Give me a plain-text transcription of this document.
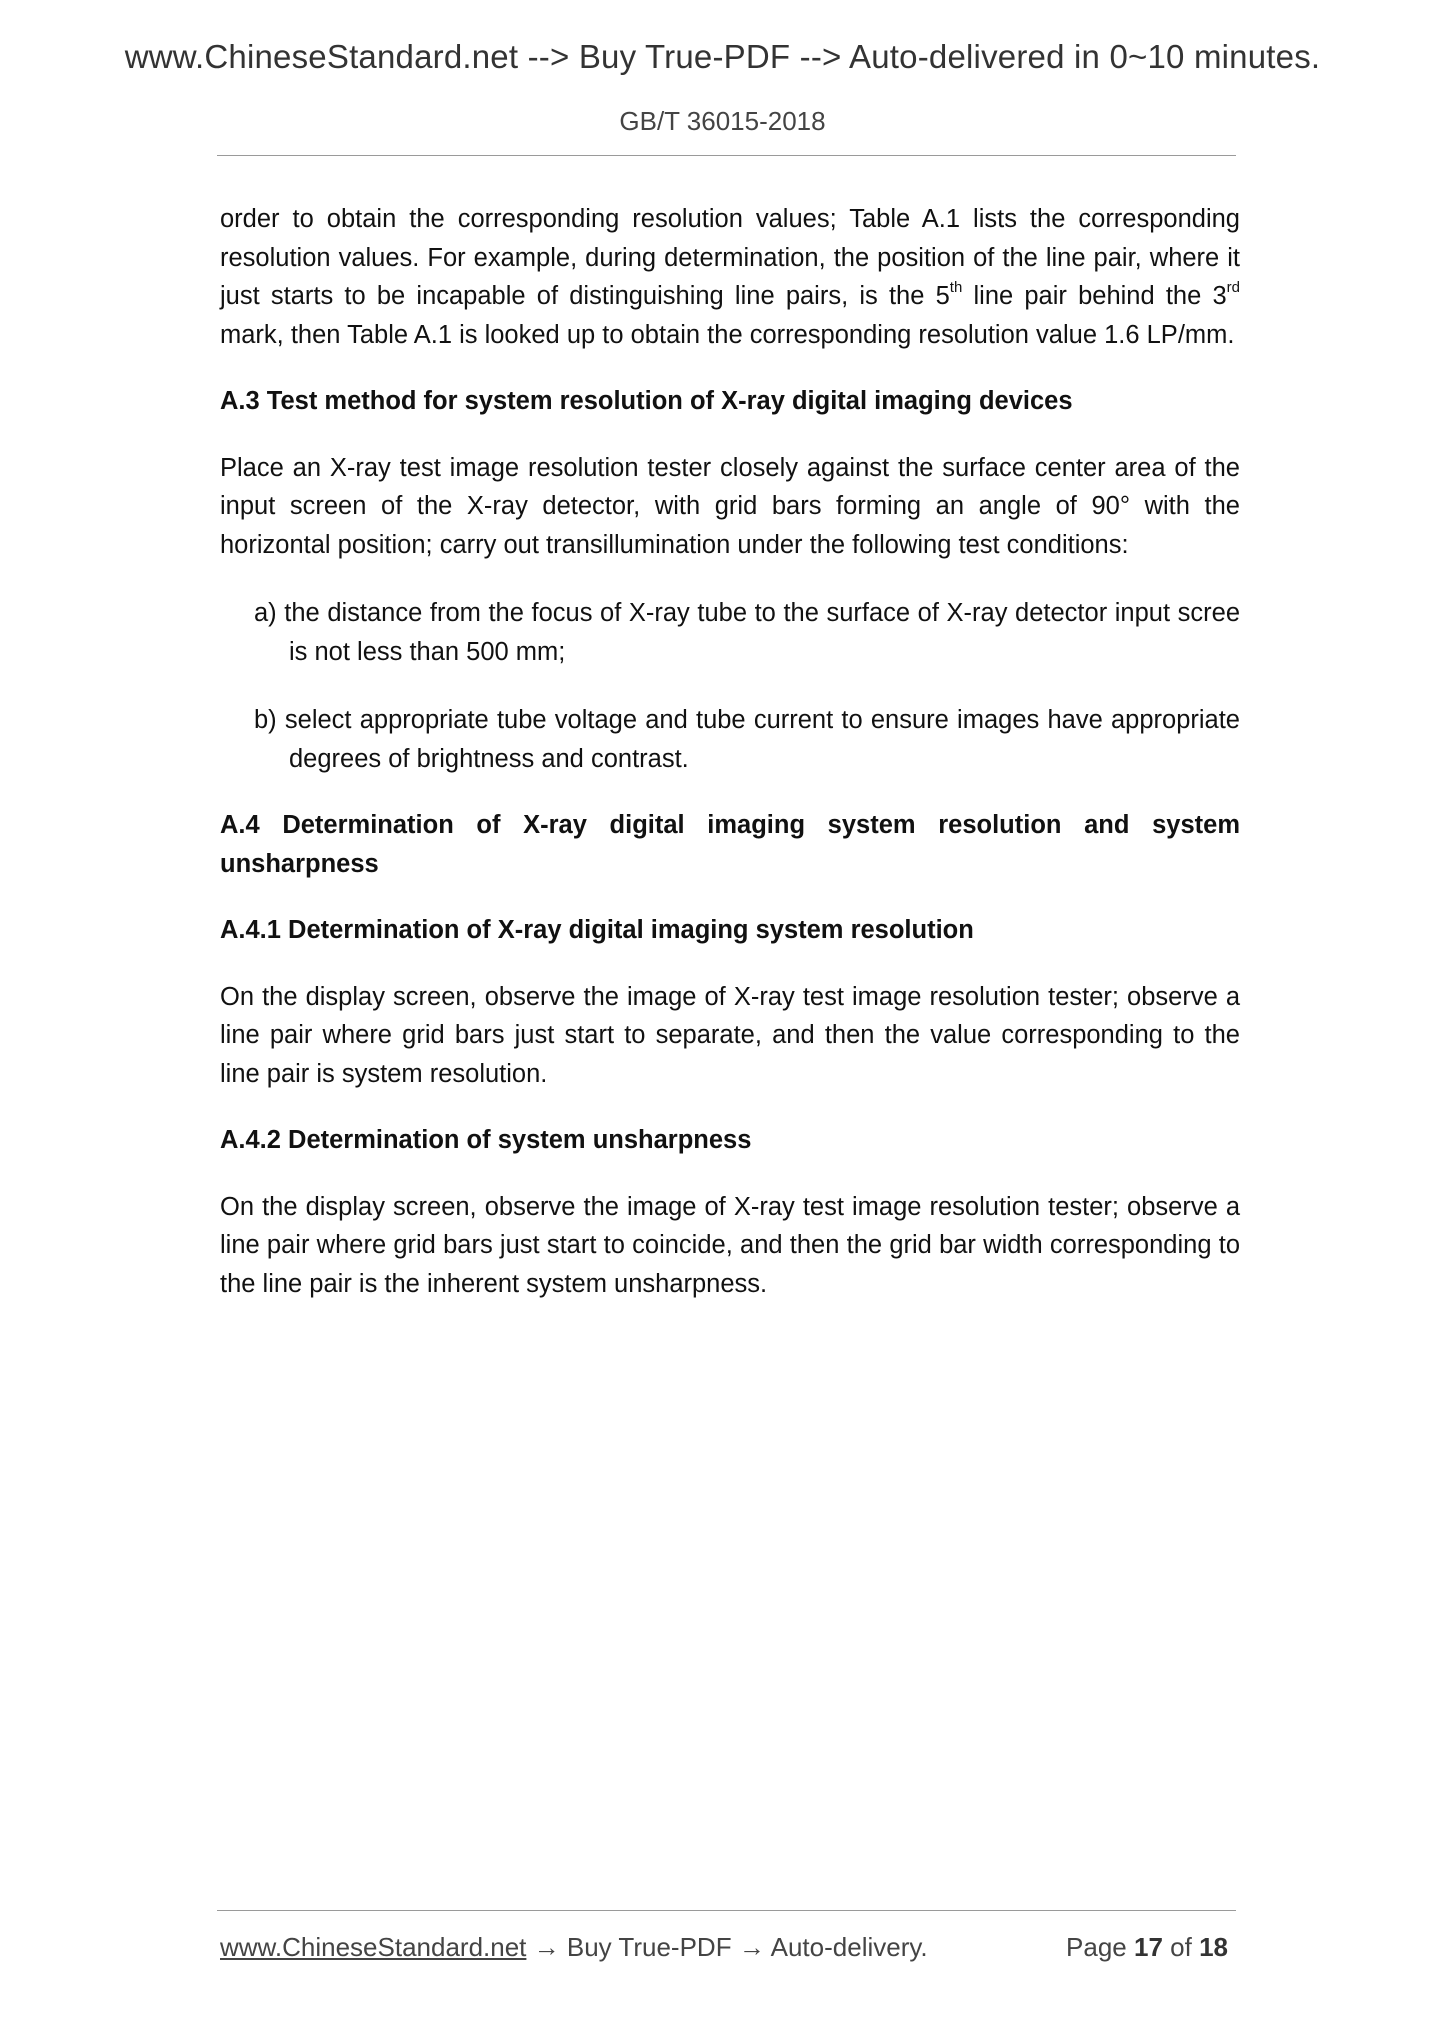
www.ChineseStandard.net --> Buy True-PDF --> Auto-delivered in 0~10 minutes.
GB/T 36015-2018

order to obtain the corresponding resolution values; Table A.1 lists the corresponding resolution values. For example, during determination, the position of the line pair, where it just starts to be incapable of distinguishing line pairs, is the 5th line pair behind the 3rd mark, then Table A.1 is looked up to obtain the corresponding resolution value 1.6 LP/mm.

A.3 Test method for system resolution of X-ray digital imaging devices

Place an X-ray test image resolution tester closely against the surface center area of the input screen of the X-ray detector, with grid bars forming an angle of 90° with the horizontal position; carry out transillumination under the following test conditions:

a) the distance from the focus of X-ray tube to the surface of X-ray detector input scree is not less than 500 mm;

b) select appropriate tube voltage and tube current to ensure images have appropriate degrees of brightness and contrast.

A.4 Determination of X-ray digital imaging system resolution and system unsharpness
A.4.1 Determination of X-ray digital imaging system resolution

On the display screen, observe the image of X-ray test image resolution tester; observe a line pair where grid bars just start to separate, and then the value corresponding to the line pair is system resolution.

A.4.2 Determination of system unsharpness

On the display screen, observe the image of X-ray test image resolution tester; observe a line pair where grid bars just start to coincide, and then the grid bar width corresponding to the line pair is the inherent system unsharpness.

www.ChineseStandard.net → Buy True-PDF → Auto-delivery.	Page 17 of 18
